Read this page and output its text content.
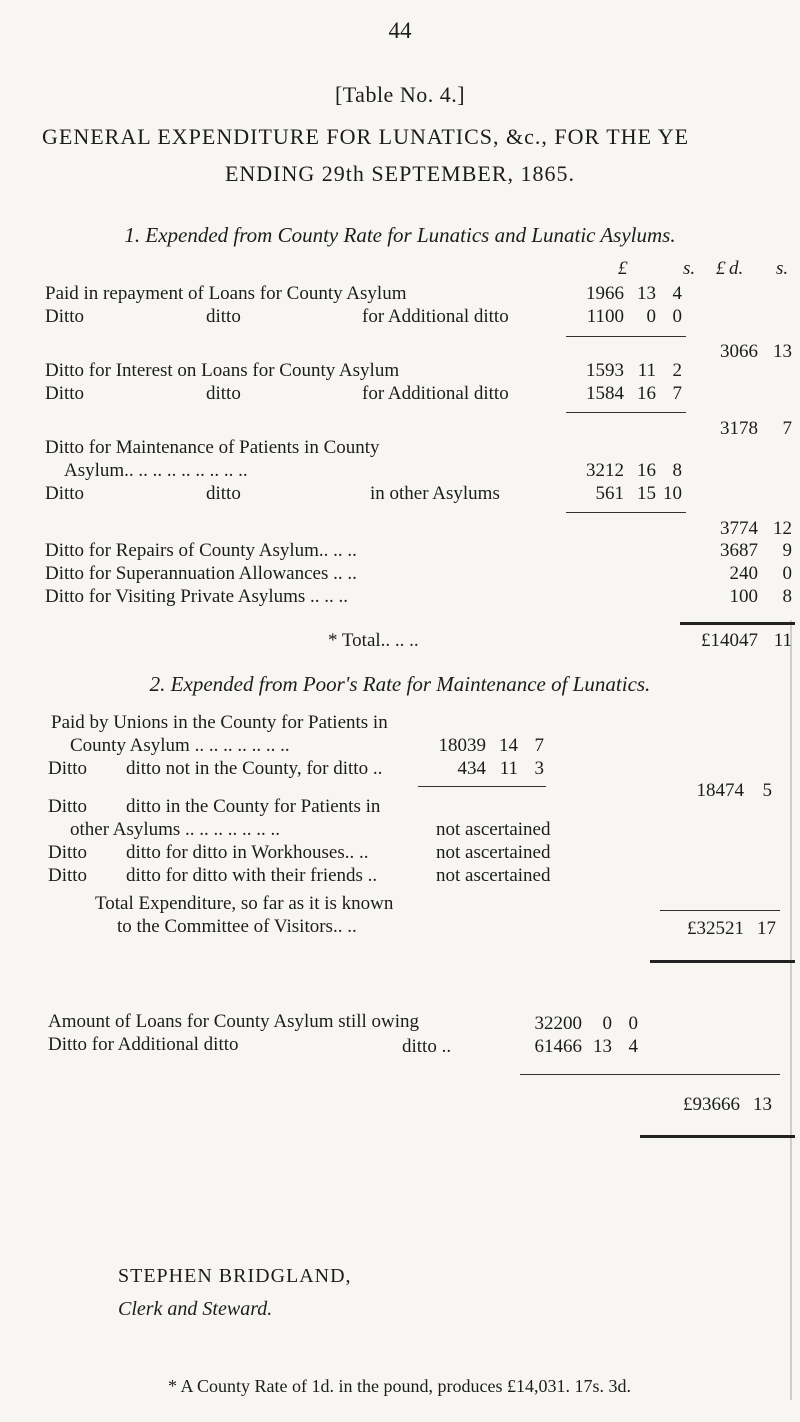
44
[Table No. 4.]
GENERAL EXPENDITURE FOR LUNATICS, &c., FOR THE YE
ENDING 29th SEPTEMBER, 1865.
1. Expended from County Rate for Lunatics and Lunatic Asylums.
£	s. d.
£	s.
Paid in repayment of Loans for County Asylum	1966 13 4
Ditto	ditto	for Additional ditto	1100	0 0
3066 13
Ditto for Interest on Loans for County Asylum	1593 11 2
Ditto	ditto	for Additional ditto	1584 16 7
3178	7
Ditto for Maintenance of Patients in County
Asylum.. .. .. .. .. .. .. .. ..	3212 16 8
Ditto	ditto	in other Asylums	561 15 10
3774 12
Ditto for Repairs of County Asylum.. .. ..	3687	9
Ditto for Superannuation Allowances .. ..	240	0
Ditto for Visiting Private Asylums .. .. ..	100	8
* Total.. .. ..	£14047 11
2. Expended from Poor's Rate for Maintenance of Lunatics.
Paid by Unions in the County for Patients in
County Asylum .. .. .. .. .. .. ..	18039 14 7
Ditto ditto not in the County, for ditto ..	434 11 3
18474 5
Ditto ditto in the County for Patients in
other Asylums .. .. .. .. .. .. ..	not ascertained
Ditto ditto for ditto in Workhouses.. ..	not ascertained
Ditto ditto for ditto with their friends ..	not ascertained
Total Expenditure, so far as it is known
to the Committee of Visitors.. ..	£32521 17
Amount of Loans for County Asylum still owing	32200	0 0
Ditto for Additional ditto	ditto ..	61466 13 4
£93666 13
STEPHEN BRIDGLAND,
Clerk and Steward.
* A County Rate of 1d. in the pound, produces £14,031. 17s. 3d.
